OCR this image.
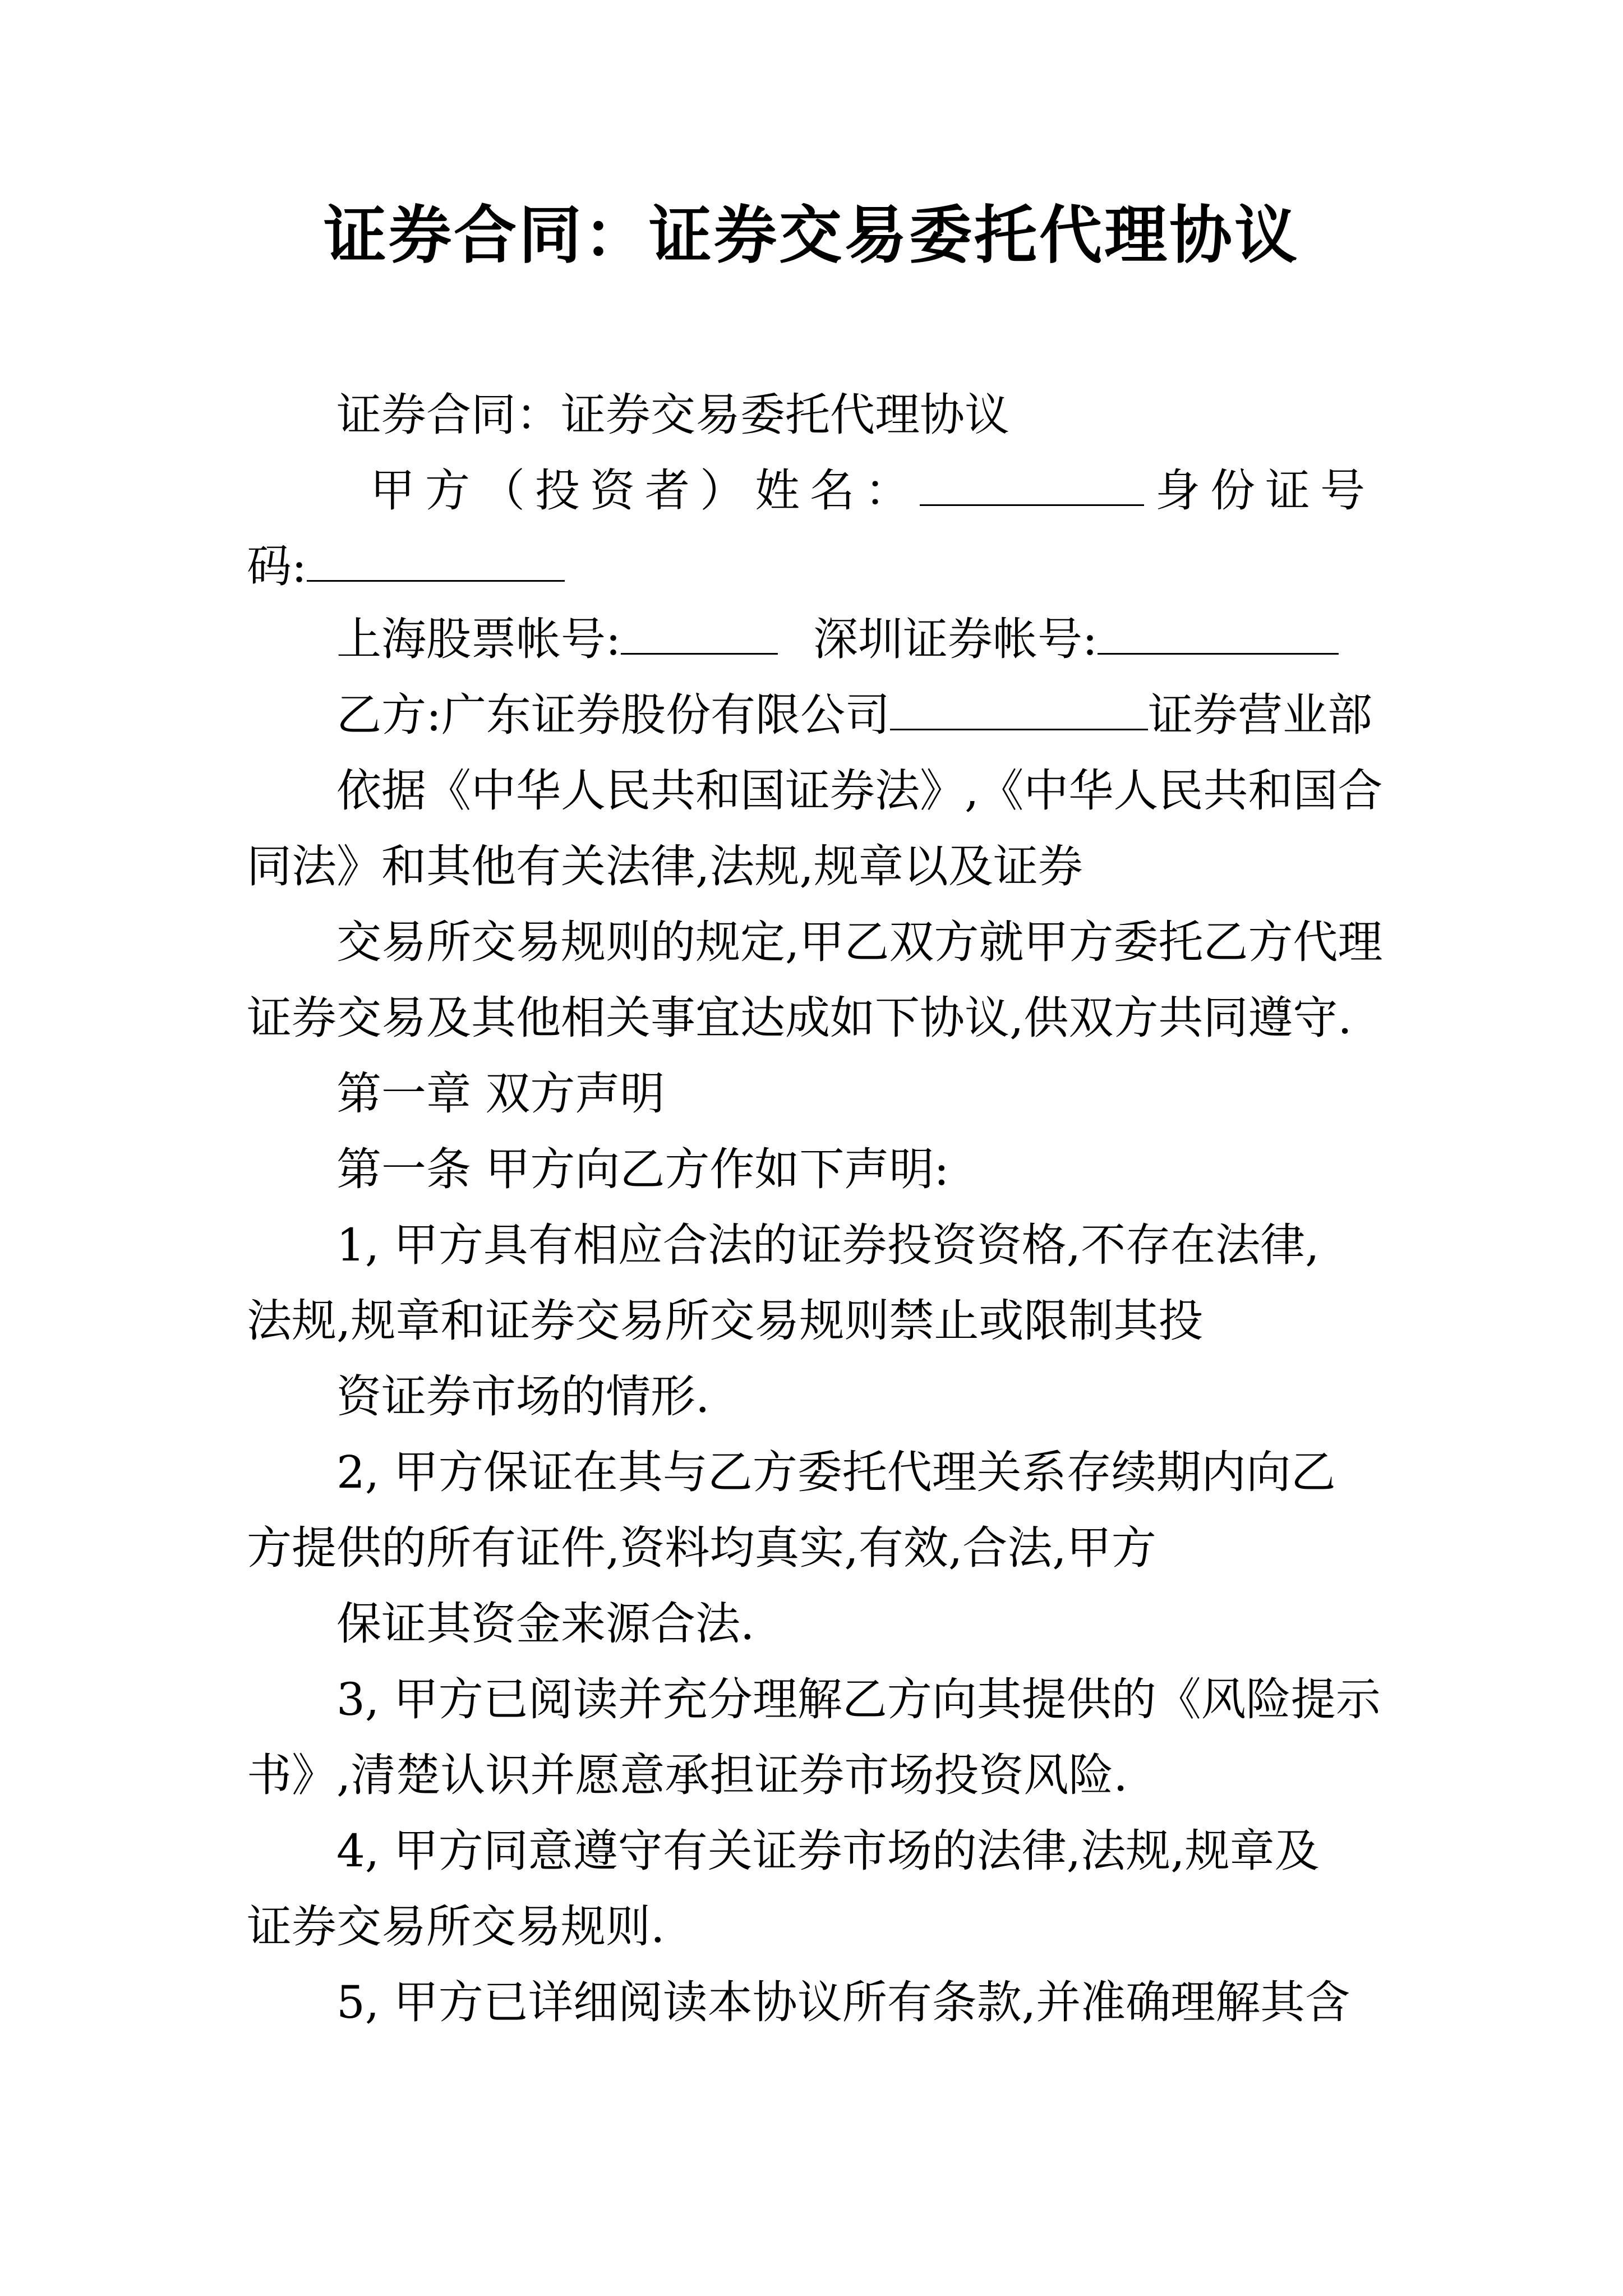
证券合同：证券交易委托代理协议
证券合同：证券交易委托代理协议
甲方（投资者）姓名：	身份证号
码:
上海股票帐号:	深圳证券帐号:
乙方:广东证券股份有限公司	证券营业部
依据《中华人民共和国证券法》,《中华人民共和国合
同法》和其他有关法律,法规,规章以及证券
交易所交易规则的规定,甲乙双方就甲方委托乙方代理
证券交易及其他相关事宜达成如下协议,供双方共同遵守.
第一章 双方声明
第一条 甲方向乙方作如下声明:
1, 甲方具有相应合法的证券投资资格,不存在法律,
法规,规章和证券交易所交易规则禁止或限制其投
资证券市场的情形.
2, 甲方保证在其与乙方委托代理关系存续期内向乙
方提供的所有证件,资料均真实,有效,合法,甲方
保证其资金来源合法.
3, 甲方已阅读并充分理解乙方向其提供的《风险提示
书》,清楚认识并愿意承担证券市场投资风险.
4, 甲方同意遵守有关证券市场的法律,法规,规章及
证券交易所交易规则.
5, 甲方已详细阅读本协议所有条款,并准确理解其含
